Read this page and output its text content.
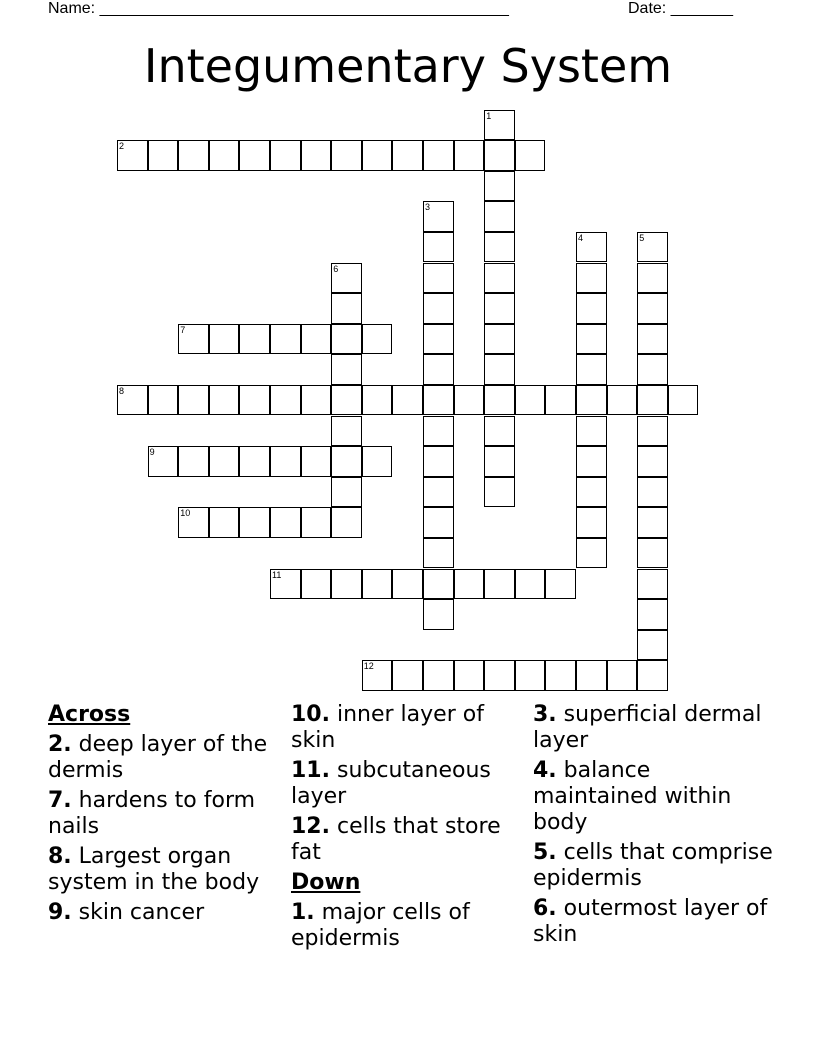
Name: ______________________________________________	Date: _______
Integumentary System
2
7
8
9
10
11
12
1
3
4	5
6
Across
2. deep layer of the dermis
7. hardens to form nails
8. Largest organ system in the body
9. skin cancer
10. inner layer of skin
11. subcutaneous layer
12. cells that store fat
Down
1. major cells of epidermis
3. superficial dermal layer
4. balance maintained within body
5. cells that comprise epidermis
6. outermost layer of skin
